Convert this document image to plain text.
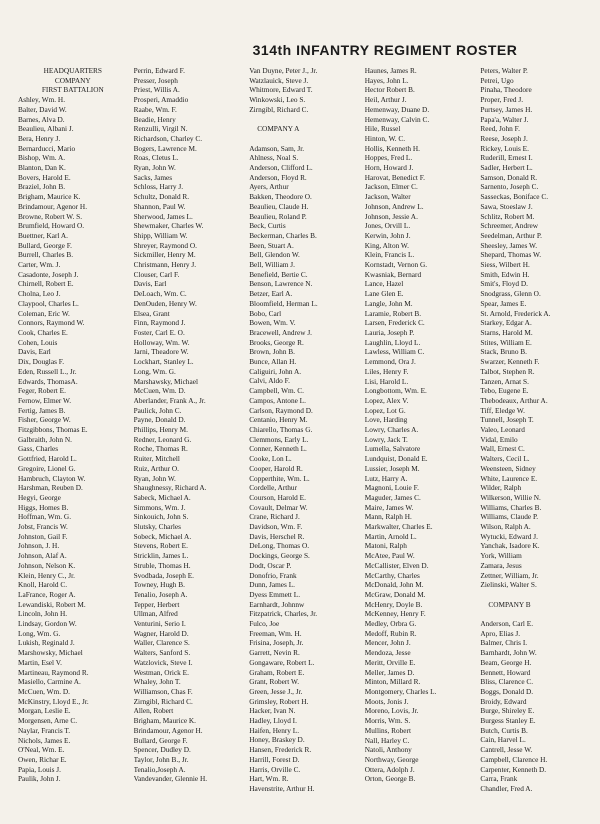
314th INFANTRY REGIMENT ROSTER
HEADQUARTERS
COMPANY
FIRST BATTALION
Ashley, Wm. H.
Balter, David W.
Barnes, Alva D.
Beaulieu, Albani J.
Bera, Henry J.
Bernarducci, Mario
Bishop, Wm. A.
Blanton, Dan K.
Bovers, Harold E.
Braziel, John B.
Brigham, Maurice K.
Brindamour, Agenor H.
Browne, Robert W. S.
Brumfield, Howard O.
Buettner, Karl A.
Bullard, George F.
Burrell, Charles B.
Carter, Wm. J.
Casadonte, Joseph J.
Chirnell, Robert E.
Cholna, Leo J.
Claypool, Charles L.
Coleman, Eric W.
Connors, Raymond W.
Cook, Charles E.
Cohen, Louis
Davis, Earl
Dix, Douglas F.
Eden, Russell L., Jr.
Edwards, ThomasA.
Feger, Robert E.
Fernow, Elmer W.
Fertig, James B.
Fisher, George W.
Fitzgibbons, Thomas E.
Galbraith, John N.
Gass, Charles
Gottfried, Harold L.
Gregoire, Lionel G.
Hambruch, Clayton W.
Harshman, Reuben D.
Hegyi, George
Higgs, Homes B.
Hoffman, Wm. G.
Jobst, Francis W.
Johnston, Gail F.
Johnson, J. H.
Johnson, Alaf A.
Johnson, Nelson K.
Klein, Henry C., Jr.
Knoll, Harold C.
LaFrance, Roger A.
Lewandiski, Robert M.
Lincoln, John H.
Lindsay, Gordon W.
Long, Wm. G.
Lukish, Reginald J.
Marshowsky, Michael
Martin, Esel V.
Martineau, Raymond R.
Masiello, Carmine A.
McCuen, Wm. D.
McKinstry, Lloyd E., Jr.
Morgan, Leslie E.
Morgensen, Arne C.
Naylar, Francis T.
Nichols, James E.
O'Neal, Wm. E.
Owen, Richar E.
Papia, Louis J.
Paulik, John J.
Perrin, Edward F.
Presser, Joseph
Priest, Willis A.
Prosperi, Amaddio
Raabe, Wm. F.
Beadie, Henry
Renzulli, Virgil N.
Richardson, Charley C.
Bogers, Lawrence M.
Roas, Cletus L.
Ryan, John W.
Sacks, James
Schloss, Harry J.
Schultz, Donald R.
Shannon, Paul W.
Sherwood, James L.
Shewmaker, Charles W.
Shipp, William W.
Shreyer, Raymond O.
Sickmiller, Henry M.
Christmann, Henry J.
Clouser, Carl F.
Davis, Earl
DeLoach, Wm. C.
DenOuden, Henry W.
Elsea, Grant
Finn, Raymond J.
Foster, Carl E. O.
Holloway, Wm. W.
Jarni, Theadore W.
Lockhart, Stanley L.
Long, Wm. G.
Marshawsky, Michael
McCuen, Wm. D.
Aberlander, Frank A., Jr.
Paulick, John C.
Payne, Donald D.
Phillips, Henry M.
Redner, Leonard G.
Roche, Thomas R.
Ruiter, Mitchell
Ruiz, Arthur O.
Ryan, John W.
Shaughnessy, Richard A.
Sabeck, Michael A.
Simmons, Wm. J.
Sinkouich, John S.
Slutsky, Charles
Sobeck, Michael A.
Stevens, Robert E.
Stricklin, James L.
Struble, Thomas H.
Svodbada, Joseph E.
Towney, Hugh B.
Tenalio, Joseph A.
Tepper, Herbert
Ullman, Alfred
Venturini, Serio I.
Wagner, Harold D.
Waller, Clarence S.
Walters, Sanford S.
Watzlovick, Steve I.
Westman, Orick E.
Whaley, John T.
Williamson, Chas F.
Zirngibl, Richard C.
Allen, Robert
Brigham, Maurice K.
Brindamour, Agenor H.
Bullard, George F.
Spencer, Dudley D.
Taylor, John B., Jr.
Tenalio,Joseph A.
Vandevander, Glennie H.
Van Duyne, Peter J., Jr.
Watzlauick, Steve J.
Whitmore, Edward T.
Winkowski, Leo S.
Zirngibl, Richard C.
COMPANY A
Adamson, Sam, Jr.
Ahlness, Noal S.
Anderson, Clifford L.
Anderson, Floyd R.
Ayers, Arthur
Bakken, Theodore O.
Beaulieu, Claude H.
Beaulieu, Roland P.
Beck, Curtis
Beckerman, Charles B.
Been, Stuart A.
Bell, Glendon W.
Bell, William J.
Benefield, Bertie C.
Benson, Lawrence N.
Betzer, Earl A.
Bloomfield, Herman L.
Bobo, Carl
Bowen, Wm. V.
Bracewell, Andrew J.
Brooks, George R.
Brown, John B.
Bunce, Allan H.
Caliguiri, John A.
Calvi, Aldo F.
Campbell, Wm. C.
Campos, Antone L.
Carlson, Raymond D.
Centanio, Henry M.
Chiarello, Thomas G.
Clemmons, Early L.
Conner, Kenneth L.
Cooke, Lon L.
Cooper, Harold R.
Copperthite, Wm. L.
Cordelle, Arthur
Courson, Harold E.
Covault, Delmar W.
Crane, Richard J.
Davidson, Wm. F.
Davis, Herschel R.
DeLong, Thomas O.
Dockings, George S.
Dodt, Oscar P.
Donofrio, Frank
Dunn, James L.
Dyess Emmett L.
Earnhardt, Johnnw
Fitzpatrick, Charles, Jr.
Fulco, Joe
Freeman, Wm. H.
Frisina, Joseph, Jr.
Garrett, Nevin R.
Gongaware, Robert L.
Graham, Robert E.
Grant, Robert W.
Green, Jesse J., Jr.
Grimsley, Robert H.
Hacker, Ivan N.
Hadley, Lloyd I.
Haifen, Henry L.
Honey, Braskey D.
Hansen, Frederick R.
Harrill, Forest D.
Harris, Orville C.
Hart, Wm. R.
Havenstrite, Arthur H.
Haunes, James R.
Hayes, John L.
Hector Robert B.
Heil, Arthur J.
Hemenway, Duane D.
Hemenway, Calvin C.
Hile, Russel
Hinton, W. C.
Hollis, Kenneth H.
Hoppes, Fred L.
Horn, Howard J.
Harovat, Benedict F.
Jackson, Elmer C.
Jackson, Walter
Johnson, Andrew L.
Johnson, Jessie A.
Jones, Orvill L.
Kerwin, John J.
King, Alton W.
Klein, Francis L.
Kornstadt, Vernon G.
Kwasniak, Bernard
Lance, Hazel
Lane Glen E.
Langle, John M.
Laramie, Robert B.
Larsen, Frederick C.
Lauria, Joseph P.
Laughlin, Lloyd L.
Lawless, William C.
Lemmond, Ora J.
Liles, Henry F.
Lisi, Harold L.
Longbottom, Wm. E.
Lopez, Alex V.
Lopez, Lot G.
Love, Harding
Lowry, Charles A.
Lowry, Jack T.
Lumella, Salvatore
Lundquist, Donald E.
Lussier, Joseph M.
Lutz, Harry A.
Magnoni, Louie F.
Maguder, James C.
Maire, James W.
Mann, Ralph H.
Markwalter, Charles E.
Martin, Arnold L.
Matoni, Ralph
McAtee, Paul W.
McCallister, Elven D.
McCarthy, Charles
McDonald, John M.
McGraw, Donald M.
McHenry, Doyle B.
McKenney, Henry F.
Medley, Orbra G.
Medoff, Rubin R.
Mencer, John J.
Mendoza, Jesse
Meritt, Orville E.
Meller, James D.
Minton, Millard R.
Montgomery, Charles L.
Moots, Jonis J.
Moreno, Lovis, Jr.
Morris, Wm. S.
Mullins, Robert
Nall, Harley C.
Natoli, Anthony
Northway, George
Ottera, Adolph J.
Orton, George B.
Peters, Walter P.
Petrei, Ugo
Pinaha, Theodore
Proper, Fred J.
Purtsey, James H.
Papa'a, Walter J.
Reed, John F.
Reese, Joseph J.
Rickey, Louis E.
Ruderill, Ernest I.
Sadler, Herbert L.
Samson, Donald R.
Sarnento, Joseph C.
Sasseckas, Boniface C.
Sawa, Stoeslaw J.
Schlitz, Robert M.
Schreemer, Andrew
Seedelman, Arthur P.
Sheesley, James W.
Shepard, Thomas W.
Siess, Wilbert H.
Smith, Edwin H.
Smit's, Floyd D.
Snodgrass, Glenn O.
Spear, James E.
St. Arnold, Frederick A.
Starkey, Edgar A.
Starns, Harold M.
Stites, William E.
Stack, Bruno B.
Swarzer, Kenneth F.
Talbot, Stephen R.
Tanzen, Arnat S.
Tebo, Eugene E.
Thebodeaux, Arthur A.
Tiff, Eledge W.
Tunnell, Joseph T.
Valeo, Leonard
Vidal, Emilo
Wall, Ernest C.
Walters, Cecil L.
Weensteen, Sidney
White, Laurence E.
Wilder, Ralph
Wilkerson, Willie N.
Williams, Charles B.
Williams, Claude P.
Wilson, Ralph A.
Wytucki, Edward J.
Yanchak, Isadore K.
York, William
Zamara, Jesus
Zettner, William, Jr.
Zielinski, Walter S.
COMPANY B
Anderson, Carl E.
Apro, Elias J.
Balmer, Chris I.
Barnhardt, John W.
Beam, George H.
Bennett, Howard
Bliss, Clarence C.
Boggs, Donald D.
Broidy, Edward
Burge, Shireley E.
Burgess Stanley E.
Butch, Curtis B.
Cain, Harvel L.
Cantrell, Jesse W.
Campbell, Clarence H.
Carpenter, Kenneth D.
Carra, Frank
Chandler, Fred A.
